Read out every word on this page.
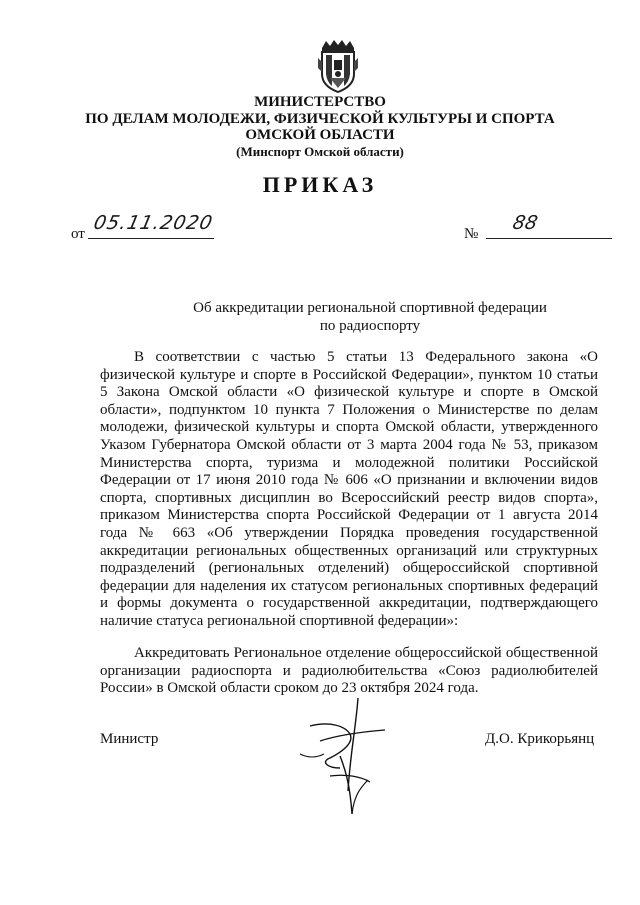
МИНИСТЕРСТВО
ПО ДЕЛАМ МОЛОДЕЖИ, ФИЗИЧЕСКОЙ КУЛЬТУРЫ И СПОРТА
ОМСКОЙ ОБЛАСТИ
(Минспорт Омской области)
ПРИКАЗ
от 05.11.2020	№ 88
Об аккредитации региональной спортивной федерации
по радиоспорту
В соответствии с частью 5 статьи 13 Федерального закона «О физической культуре и спорте в Российской Федерации», пунктом 10 статьи 5 Закона Омской области «О физической культуре и спорте в Омской области», подпунктом 10 пункта 7 Положения о Министерстве по делам молодежи, физической культуры и спорта Омской области, утвержденного Указом Губернатора Омской области от 3 марта 2004 года № 53, приказом Министерства спорта, туризма и молодежной политики Российской Федерации от 17 июня 2010 года № 606 «О признании и включении видов спорта, спортивных дисциплин во Всероссийский реестр видов спорта», приказом Министерства спорта Российской Федерации от 1 августа 2014 года № 663 «Об утверждении Порядка проведения государственной аккредитации региональных общественных организаций или структурных подразделений (региональных отделений) общероссийской спортивной федерации для наделения их статусом региональных спортивных федераций и формы документа о государственной аккредитации, подтверждающего наличие статуса региональной спортивной федерации»:
Аккредитовать Региональное отделение общероссийской общественной организации радиоспорта и радиолюбительства «Союз радиолюбителей России» в Омской области сроком до 23 октября 2024 года.
Министр	Д.О. Крикорьянц
